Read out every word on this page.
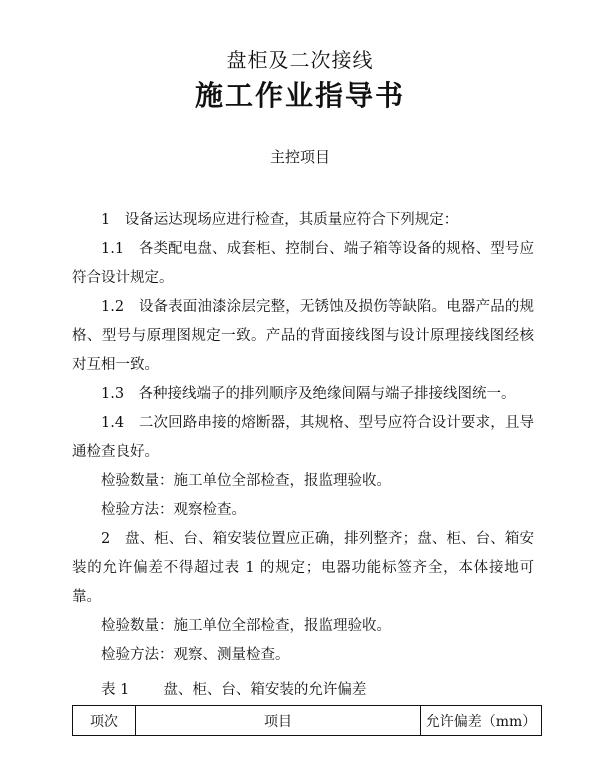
盘柜及二次接线
施工作业指导书
主控项目

1　设备运达现场应进行检查，其质量应符合下列规定：

1.1　各类配电盘、成套柜、控制台、端子箱等设备的规格、型号应符合设计规定。

1.2　设备表面油漆涂层完整，无锈蚀及损伤等缺陷。电器产品的规格、型号与原理图规定一致。产品的背面接线图与设计原理接线图经核对互相一致。

1.3　各种接线端子的排列顺序及绝缘间隔与端子排接线图统一。

1.4　二次回路串接的熔断器，其规格、型号应符合设计要求，且导通检查良好。

检验数量：施工单位全部检查，报监理验收。

检验方法：观察检查。

2　盘、柜、台、箱安装位置应正确，排列整齐；盘、柜、台、箱安装的允许偏差不得超过表 1 的规定；电器功能标签齐全，本体接地可靠。

检验数量：施工单位全部检查，报监理验收。

检验方法：观察、测量检查。

表 1 盘、柜、台、箱安装的允许偏差
项次	项目	允许偏差（mm）
